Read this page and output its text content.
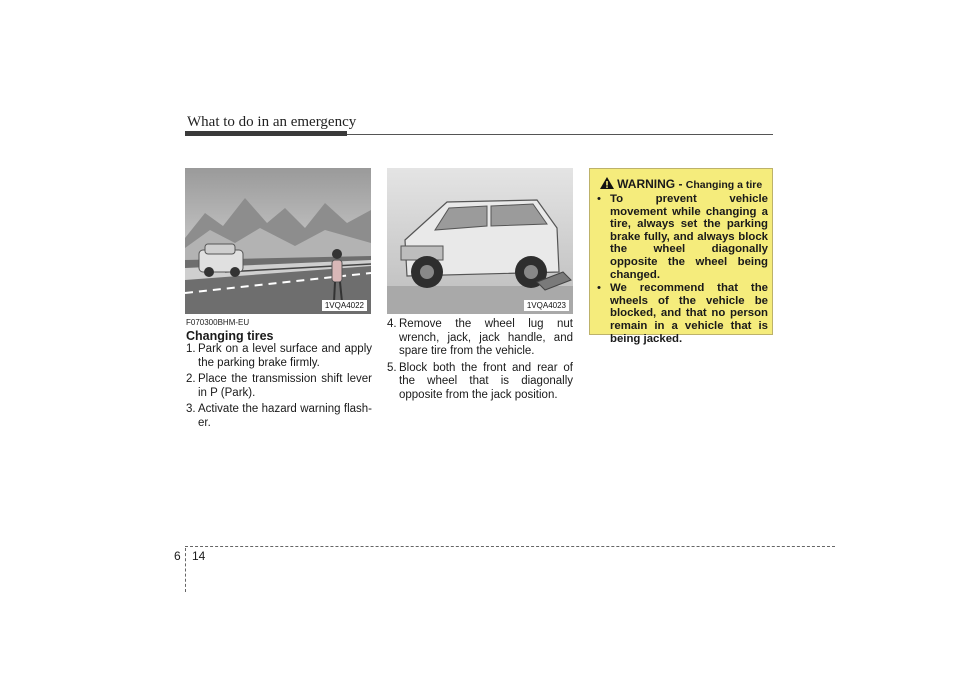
What to do in an emergency
1VQA4022	1VQA4023
F070300BHM-EU
Changing tires
1. Park on a level surface and apply the parking brake firmly.
2. Place the transmission shift lever in P (Park).
3. Activate the hazard warning flash-er.
4. Remove the wheel lug nut wrench, jack, jack handle, and spare tire from the vehicle.
5. Block both the front and rear of the wheel that is diagonally opposite from the jack position.
WARNING - Changing a tire
• To prevent vehicle movement while changing a tire, always set the parking brake fully, and always block the wheel diagonally opposite the wheel being changed.
• We recommend that the wheels of the vehicle be blocked, and that no person remain in a vehicle that is being jacked.
6 14
